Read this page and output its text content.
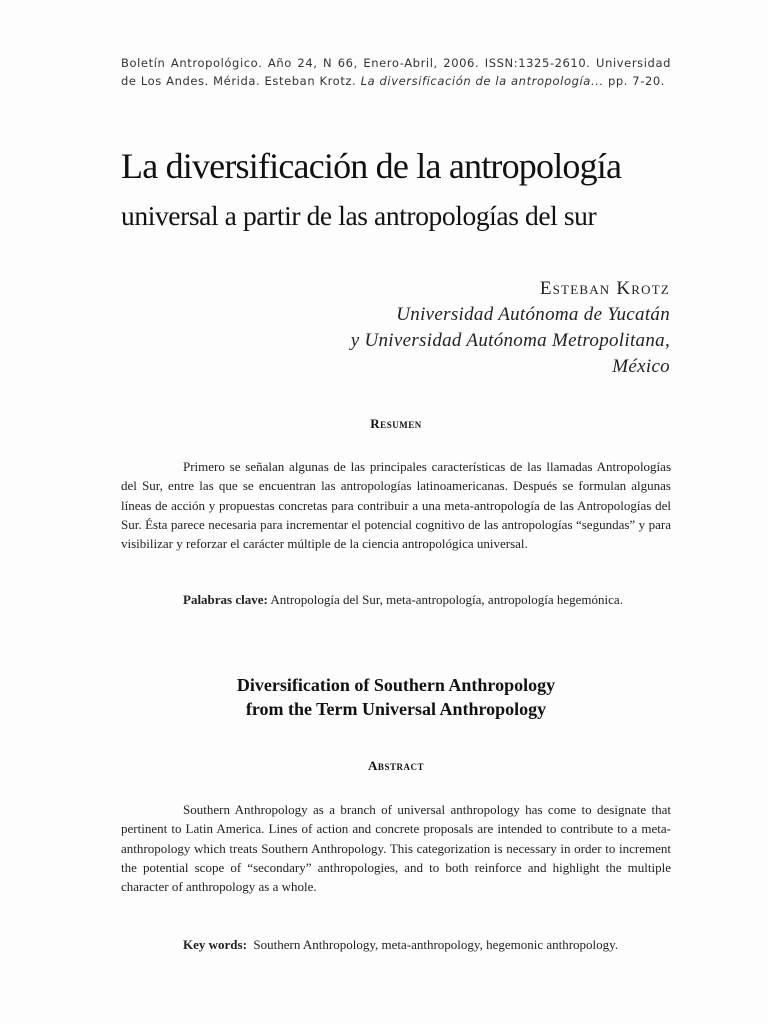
Boletín Antropológico. Año 24, N 66, Enero-Abril, 2006. ISSN:1325-2610. Universidad
de Los Andes. Mérida. Esteban Krotz. La diversificación de la antropología... pp. 7-20.
La diversificación de la antropología
universal a partir de las antropologías del sur
Esteban Krotz
Universidad Autónoma de Yucatán
y Universidad Autónoma Metropolitana,
México
Resumen

Primero se señalan algunas de las principales características de las llamadas Antropologías del Sur, entre las que se encuentran las antropologías latinoamericanas. Después se formulan algunas líneas de acción y propuestas concretas para contribuir a una meta-antropología de las Antropologías del Sur. Ésta parece necesaria para incrementar el potencial cognitivo de las antropologías “segundas” y para visibilizar y reforzar el carácter múltiple de la ciencia antropológica universal.

Palabras clave: Antropología del Sur, meta-antropología, antropología hegemónica.

Diversification of Southern Anthropology
from the Term Universal Anthropology
Abstract

Southern Anthropology as a branch of universal anthropology has come to designate that pertinent to Latin America. Lines of action and concrete proposals are intended to contribute to a meta-anthropology which treats Southern Anthropology. This categorization is necessary in order to increment the potential scope of “secondary” anthropologies, and to both reinforce and highlight the multiple character of anthropology as a whole.

Key words: Southern Anthropology, meta-anthropology, hegemonic anthropology.
